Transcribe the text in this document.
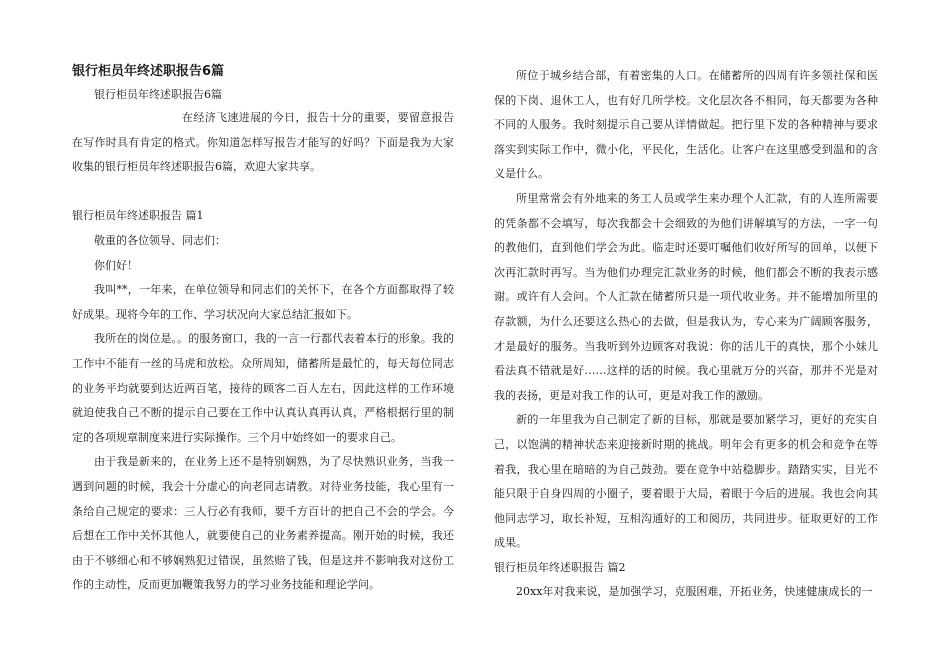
银行柜员年终述职报告6篇

银行柜员年终述职报告6篇

在经济飞速进展的今日，报告十分的重要，要留意报告在写作时具有肯定的格式。你知道怎样写报告才能写的好吗？下面是我为大家收集的银行柜员年终述职报告6篇，欢迎大家共享。

银行柜员年终述职报告 篇1

敬重的各位领导、同志们：

你们好！

我叫**，一年来，在单位领导和同志们的关怀下，在各个方面都取得了较好成果。现将今年的工作、学习状况向大家总结汇报如下。

我所在的岗位是。。的服务窗口，我的一言一行都代表着本行的形象。我的工作中不能有一丝的马虎和放松。众所周知，储蓄所是最忙的，每天每位同志的业务平均就要到达近两百笔，接待的顾客二百人左右，因此这样的工作环境就迫使我自己不断的提示自己要在工作中认真认真再认真，严格根据行里的制定的各项规章制度来进行实际操作。三个月中始终如一的要求自己。

由于我是新来的，在业务上还不是特别娴熟，为了尽快熟识业务，当我一遇到问题的时候，我会十分虚心的向老同志请教。对待业务技能，我心里有一条给自己规定的要求：三人行必有我师，要千方百计的把自己不会的学会。今后想在工作中关怀其他人，就要使自己的业务素养提高。刚开始的时候，我还由于不够细心和不够娴熟犯过错误，虽然赔了钱，但是这并不影响我对这份工作的主动性，反而更加鞭策我努力的学习业务技能和理论学问。

所位于城乡结合部，有着密集的人口。在储蓄所的四周有许多领社保和医保的下岗、退休工人，也有好几所学校。文化层次各不相同，每天都要为各种不同的人服务。我时刻提示自己要从详情做起。把行里下发的各种精神与要求落实到实际工作中，微小化，平民化，生活化。让客户在这里感受到温和的含义是什么。

所里常常会有外地来的务工人员或学生来办理个人汇款，有的人连所需要的凭条都不会填写，每次我都会十会细致的为他们讲解填写的方法，一字一句的教他们，直到他们学会为此。临走时还要叮嘱他们收好所写的回单，以便下次再汇款时再写。当为他们办理完汇款业务的时候，他们都会不断的我表示感谢。或许有人会问。个人汇款在储蓄所只是一项代收业务。并不能增加所里的存款额，为什么还要这么热心的去做，但是我认为，专心来为广阔顾客服务，才是最好的服务。当我听到外边顾客对我说：你的活儿干的真快，那个小妹儿看法真不错就是好……这样的话的时候。我心里就万分的兴奋，那并不光是对我的表扬，更是对我工作的认可，更是对我工作的激励。

新的一年里我为自己制定了新的目标，那就是要加紧学习，更好的充实自己，以饱满的精神状态来迎接新时期的挑战。明年会有更多的机会和竞争在等着我，我心里在暗暗的为自己鼓劲。要在竞争中站稳脚步。踏踏实实，目光不能只限于自身四周的小圈子，要着眼于大局，着眼于今后的进展。我也会向其他同志学习，取长补短，互相沟通好的工和阅历，共同进步。征取更好的工作成果。

银行柜员年终述职报告 篇2

20xx年对我来说，是加强学习，克服困难，开拓业务，快速健康成长的一
